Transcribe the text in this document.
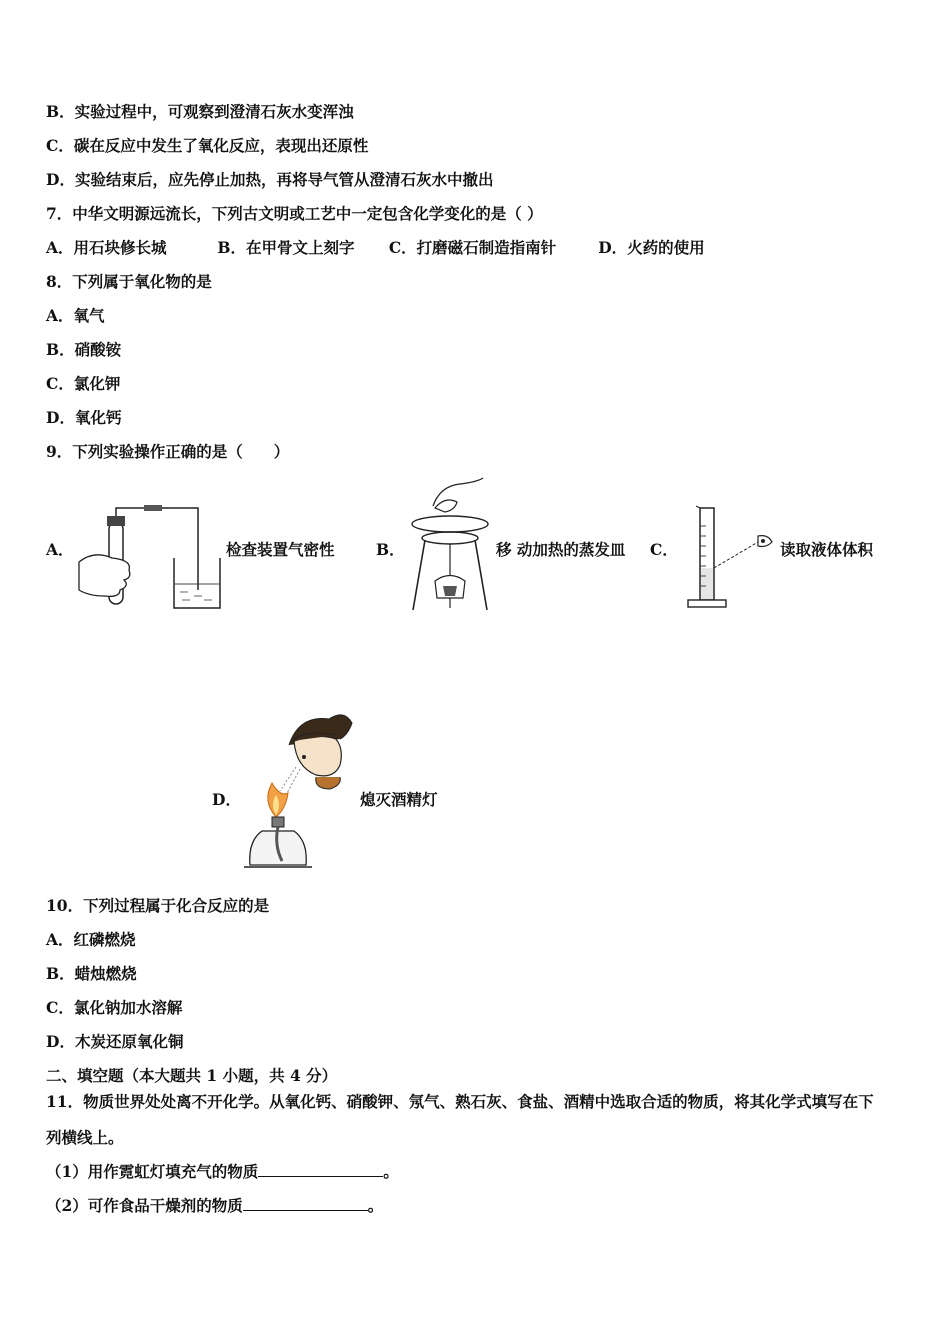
B．实验过程中，可观察到澄清石灰水变浑浊
C．碳在反应中发生了氧化反应，表现出还原性
D．实验结束后，应先停止加热，再将导气管从澄清石灰水中撤出
7．中华文明源远流长，下列古文明或工艺中一定包含化学变化的是（ ）
A．用石块修长城	B．在甲骨文上刻字 C．打磨磁石制造指南针	D．火药的使用
8．下列属于氧化物的是
A．氧气
B．硝酸铵
C．氯化钾
D．氧化钙
9．下列实验操作正确的是（　　）
A．	检查装置气密性	B．	移 动加热的蒸发皿 C．	读取液体体积
D．	熄灭酒精灯
10．下列过程属于化合反应的是
A．红磷燃烧
B．蜡烛燃烧
C．氯化钠加水溶解
D．木炭还原氧化铜
二、填空题（本大题共 1 小题，共 4 分）
11．物质世界处处离不开化学。从氧化钙、硝酸钾、氖气、熟石灰、食盐、酒精中选取合适的物质，将其化学式填写在下
列横线上。
（1）用作霓虹灯填充气的物质	。
（2）可作食品干燥剂的物质	。
